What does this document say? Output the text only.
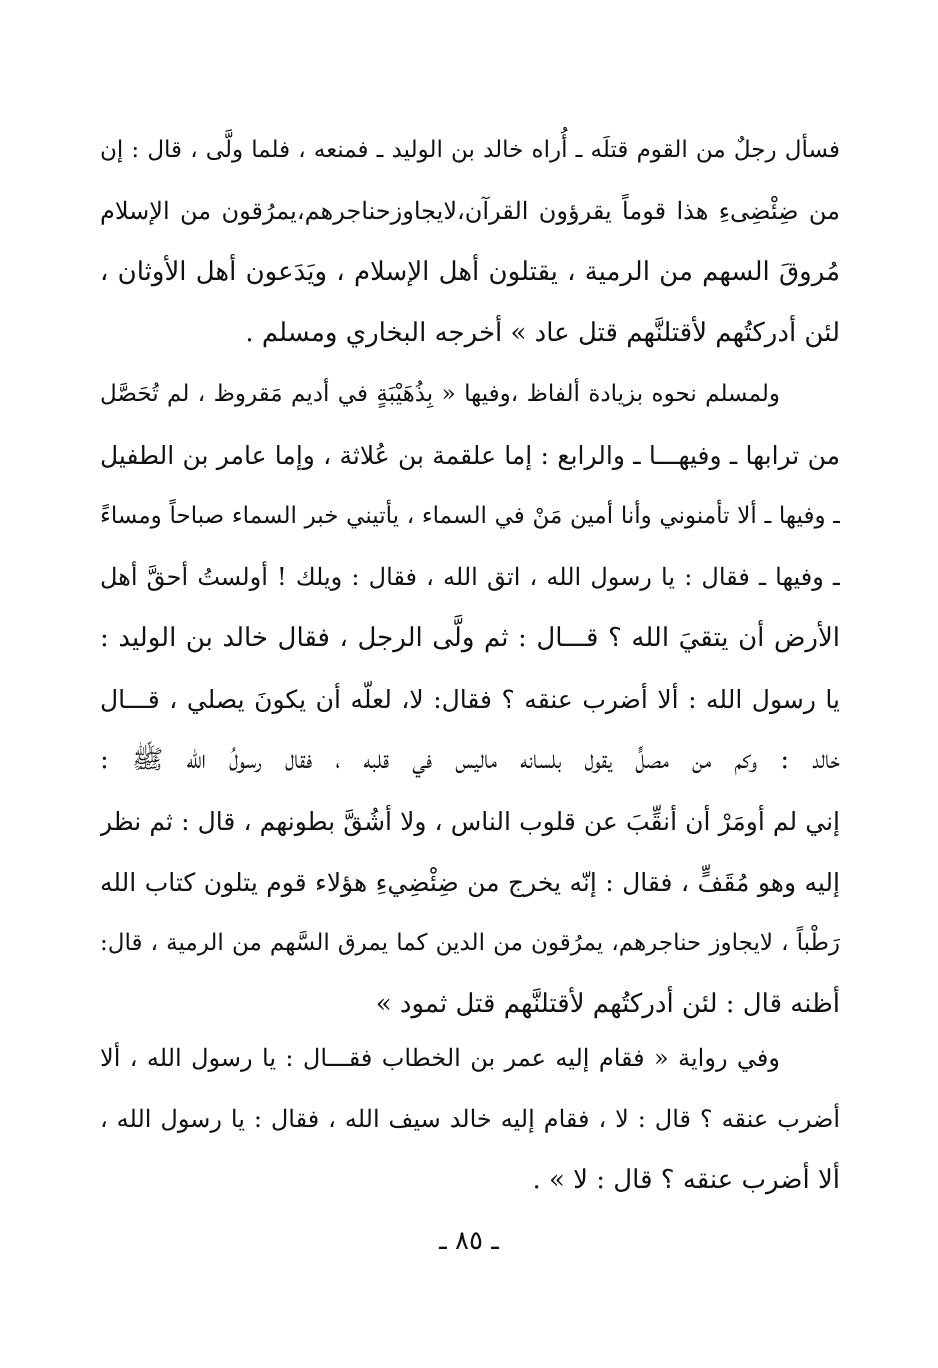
فسأل رجلٌ من القوم قتلَه ـ أُراه خالد بن الوليد ـ فمنعه ، فلما ولَّى ، قال : إن
من ضِئْضِىءِ هذا قوماً يقرؤون القرآن،لايجاوزحناجرهم،يمرُقون من الإسلام
مُروقَ السهم من الرمية ، يقتلون أهل الإسلام ، ويَدَعون أهل الأوثان ،
لئن أدركتُهم لأقتلنَّهم قتل عاد » أخرجه البخاري ومسلم .
ولمسلم نحوه بزيادة ألفاظ ،وفيها « بِذُهَيْبَةٍ في أديم مَقروظ ، لم تُحَصَّل
من ترابها ـ وفيهـــا ـ والرابع : إما علقمة بن عُلاثة ، وإما عامر بن الطفيل
ـ وفيها ـ ألا تأمنوني وأنا أمين مَنْ في السماء ، يأتيني خبر السماء صباحاً ومساءً
ـ وفيها ـ فقال : يا رسول الله ، اتق الله ، فقال : ويلك ! أولستُ أحقَّ أهل
الأرض أن يتقيَ الله ؟ قـــال : ثم ولَّى الرجل ، فقال خالد بن الوليد :
يا رسول الله : ألا أضرب عنقه ؟ فقال: لا، لعلّه أن يكونَ يصلي ، قـــال
خالد : وكم من مصلٍّ يقول بلسانه ماليس في قلبه ، فقال رسولُ الله ﷺ :
إني لم أومَرْ أن أنقِّبَ عن قلوب الناس ، ولا أشُقَّ بطونهم ، قال : ثم نظر
إليه وهو مُقَفٍّ ، فقال : إنّه يخرج من ضِئْضِيءِ هؤلاء قوم يتلون كتاب الله
رَطْباً ، لايجاوز حناجرهم، يمرُقون من الدين كما يمرق السَّهم من الرمية ، قال:
أظنه قال : لئن أدركتُهم لأقتلنَّهم قتل ثمود »
وفي رواية « فقام إليه عمر بن الخطاب فقـــال : يا رسول الله ، ألا
أضرب عنقه ؟ قال : لا ، فقام إليه خالد سيف الله ، فقال : يا رسول الله ،
ألا أضرب عنقه ؟ قال : لا » .
ـ ٨٥ ـ
